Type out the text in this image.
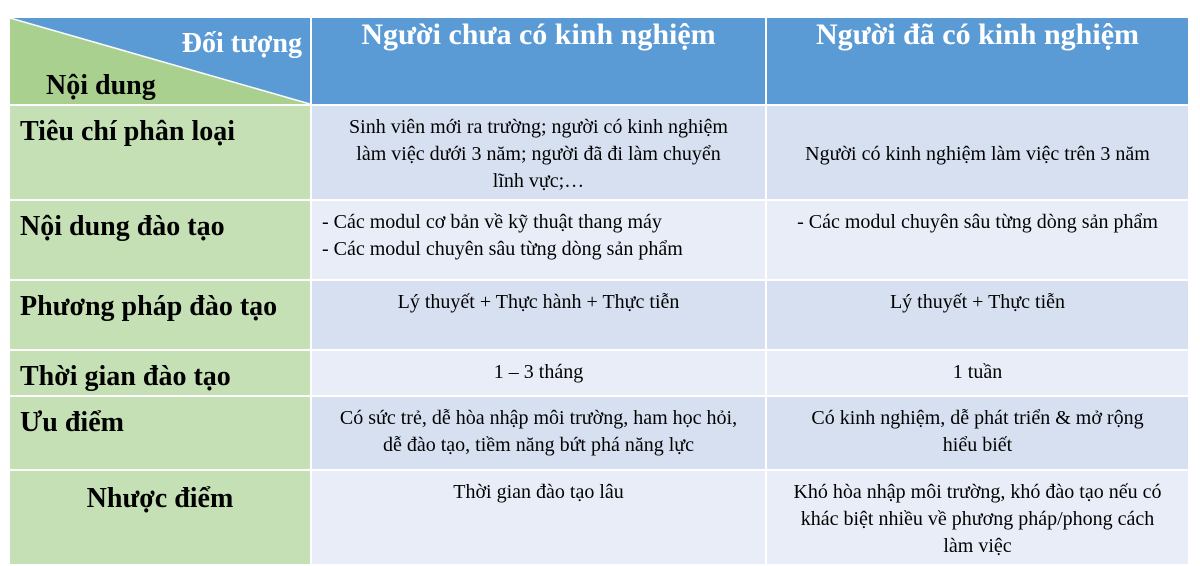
Đối tượng
Nội dung	Người chưa có kinh nghiệm	Người đã có kinh nghiệm
Tiêu chí phân loại	Sinh viên mới ra trường; người có kinh nghiệm
làm việc dưới 3 năm; người đã đi làm chuyển
lĩnh vực;…	Người có kinh nghiệm làm việc trên 3 năm

Nội dung đào tạo	- Các modul cơ bản về kỹ thuật thang máy
- Các modul chuyên sâu từng dòng sản phẩm	- Các modul chuyên sâu từng dòng sản phẩm

Phương pháp đào tạo	Lý thuyết + Thực hành + Thực tiễn	Lý thuyết + Thực tiễn

Thời gian đào tạo	1 – 3 tháng	1 tuần

Ưu điểm	Có sức trẻ, dễ hòa nhập môi trường, ham học hỏi,
dễ đào tạo, tiềm năng bứt phá năng lực	Có kinh nghiệm, dễ phát triển & mở rộng
hiểu biết

Nhược điểm	Thời gian đào tạo lâu	Khó hòa nhập môi trường, khó đào tạo nếu có
khác biệt nhiều về phương pháp/phong cách
làm việc
